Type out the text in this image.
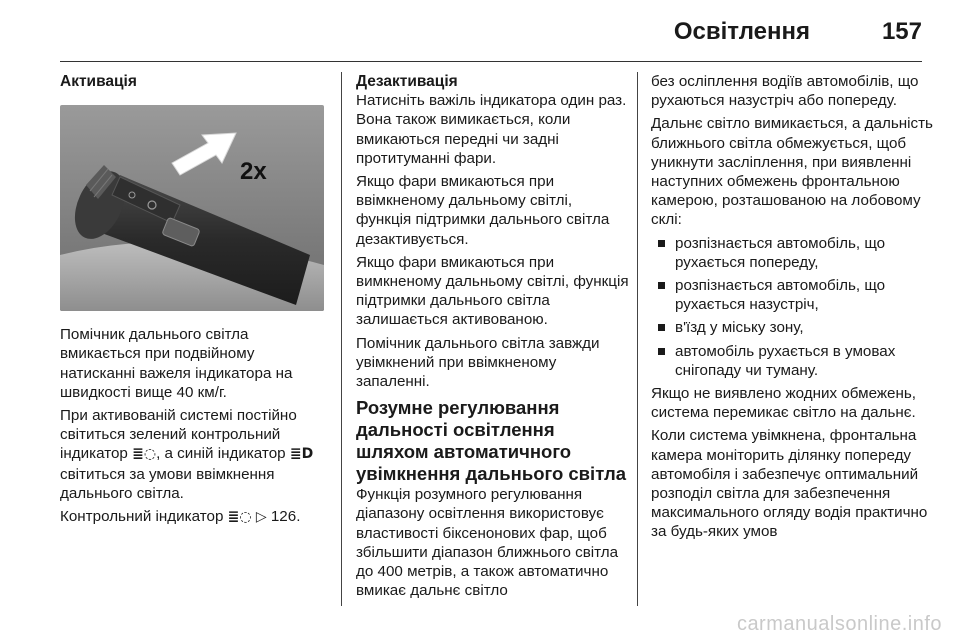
Освітлення	157

Активація

2x

Помічник дальнього світла вмикається при подвійному натисканні важеля індикатора на швидкості вище 40 км/г.

При активованій системі постійно світиться зелений контрольний індикатор ≣◌, а синій індикатор ≣D світиться за умови ввімкнення дальнього світла.

Контрольний індикатор ≣◌ ▷ 126.

Дезактивація

Натисніть важіль індикатора один раз. Вона також вимикається, коли вмикаються передні чи задні протитуманні фари.

Якщо фари вмикаються при ввімкненому дальньому світлі, функція підтримки дальнього світла дезактивується.

Якщо фари вмикаються при вимкненому дальньому світлі, функція підтримки дальнього світла залишається активованою.

Помічник дальнього світла завжди увімкнений при ввімкненому запаленні.

Розумне регулювання дальності освітлення шляхом автоматичного увімкнення дальнього світла

Функція розумного регулювання діапазону освітлення використовує властивості біксенонових фар, щоб збільшити діапазон ближнього світла до 400 метрів, а також автоматично вмикає дальнє світло

без осліплення водіїв автомобілів, що рухаються назустріч або попереду.

Дальнє світло вимикається, а дальність ближнього світла обмежується, щоб уникнути засліплення, при виявленні наступних обмежень фронтальною камерою, розташованою на лобовому склі:

розпізнається автомобіль, що рухається попереду,
розпізнається автомобіль, що рухається назустріч,
в'їзд у міську зону,
автомобіль рухається в умовах снігопаду чи туману.

Якщо не виявлено жодних обмежень, система перемикає світло на дальнє.

Коли система увімкнена, фронтальна камера моніторить ділянку попереду автомобіля і забезпечує оптимальний розподіл світла для забезпечення максимального огляду водія практично за будь-яких умов

carmanualsonline.info
